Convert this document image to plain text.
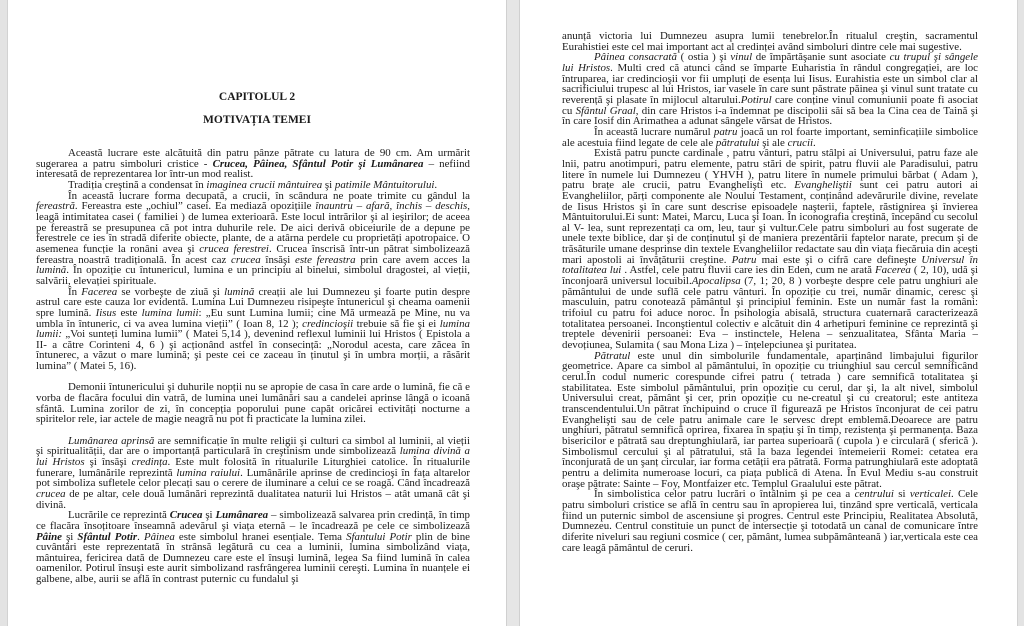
CAPITOLUL 2
MOTIVAȚIA TEMEI

Această lucrare este alcătuită din patru pânze pătrate cu latura de 90 cm. Am urmărit sugerarea a patru simboluri cristice - Crucea, Pâinea, Sfântul Potir şi Lumânarea – nefiind interesată de reprezentarea lor într-un mod realist.

Tradiția creştină a condensat în imaginea crucii mântuirea şi patimile Mântuitorului.

În această lucrare forma decupată, a crucii, în scândura ne poate trimite cu gândul la fereastră. Fereastra este „ochiul” casei. Ea mediază opozițiile înauntru – afară, închis – deschis, leagă intimitatea casei ( familiei ) de lumea exterioară. Este locul intrărilor şi al ieşirilor; de aceea pe fereastră se presupunea că pot intra duhurile rele. De aici derivă obiceiurile de a depune pe ferestrele ce ies în stradă diferite obiecte, plante, de a atârna perdele cu proprietăți apotropaice. O asemenea funcție la ronâni avea şi crucea ferestrei. Crucea înscrisă într-un pătrat simbolizează fereastra noastră tradițională. În acest caz crucea însăşi este fereastra prin care avem acces la lumină. În opoziție cu întunericul, lumina e un principiu al binelui, simbolul dragostei, al vieții, salvării, elevației spirituale.

În Facerea se vorbeşte de ziuă şi lumină creații ale lui Dumnezeu şi foarte putin despre astrul care este cauza lor evidentă. Lumina Lui Dumnezeu risipeşte întunericul şi cheama oamenii spre lumină. Iisus este lumina lumii: „Eu sunt Lumina lumii; cine Mă urmează pe Mine, nu va umbla în întuneric, ci va avea lumina vieții” ( Ioan 8, 12 ); credincioşii trebuie să fie şi ei lumina lumii: „Voi sunteți lumina lumii” ( Matei 5,14 ), devenind reflexul luminii lui Hristos ( Epistola a II- a către Corinteni 4, 6 ) şi acționând astfel în consecință: „Norodul acesta, care zăcea în întunerec, a văzut o mare lumină; şi peste cei ce zaceau în ținutul şi în umbra morții, a răsărit lumina” ( Matei 5, 16).

Demonii întunericului şi duhurile nopții nu se apropie de casa în care arde o lumină, fie că e vorba de flacăra focului din vatră, de lumina unei lumânări sau a candelei aprinse lângă o icoană sfântă. Lumina zorilor de zi, în concepția poporului pune capăt oricărei ectivități nocturne a spiritelor rele, iar actele de magie neagră nu pot fi practicate la lumina zilei.

Lumânarea aprinsă are semnificație în multe religii şi culturi ca simbol al luminii, al vieții şi spiritualității, dar are o importanță particulară în creştinism unde simbolizează lumina divină a lui Hristos şi însăşi credința. Este mult folosită în ritualurile Liturghiei catolice. În ritualurile funerare, lumânările reprezintă lumina raiului. Lumânările aprinse de credincioşi în fața altarelor pot simboliza sufletele celor plecați sau o cerere de iluminare a celui ce se roagă. Când încadrează crucea de pe altar, cele două lumânări reprezintă dualitatea naturii lui Hristos – atât umană cât şi divină.

Lucrările ce reprezintă Crucea şi Lumânarea – simbolizează salvarea prin credință, în timp ce flacăra însoțitoare înseamnă adevărul şi viața eternă – le încadrează pe cele ce simbolizează Pâine şi Sfântul Potir. Pâinea este simbolul hranei esențiale. Tema Sfantului Potir plin de bine cuvântări este reprezentată în strânsă legătură cu cea a luminii, lumina simbolizând viața, mântuirea, fericirea dată de Dumnezeu care este el însuşi lumină, legea Sa fiind lumină în calea oamenilor. Potirul însuşi este aurit simbolizand rasfrângerea luminii cereşti. Lumina în nuanțele ei galbene, albe, aurii se află în contrast puternic cu fundalul şi

anunță victoria lui Dumnezeu asupra lumii tenebrelor.În ritualul creştin, sacramentul Eurahistiei este cel mai important act al credinței având simboluri dintre cele mai sugestive.

Pâinea consacrată ( ostia ) şi vinul de împărtăşanie sunt asociate cu trupul şi sângele lui Hristos. Multi cred că atunci când se împarte Euharistia în rândul congregației, are loc întruparea, iar credincioşii vor fii umpluți de esența lui Iisus. Eurahistia este un simbol clar al sacrificiului trupesc al lui Hristos, iar vasele în care sunt păstrate păinea şi vinul sunt tratate cu reverență şi plasate în mijlocul altarului.Potirul care conține vinul comuniunii poate fi asociat cu Sfântul Graal, din care Hristos i-a îndemnat pe discipolii săi să bea la Cina cea de Taină şi în care Iosif din Arimathea a adunat sângele vărsat de Hristos.

În această lucrare numărul patru joacă un rol foarte important, seminficațiile simbolice ale acestuia fiind legate de cele ale pătratului şi ale crucii.

Există patru puncte cardinale , patru vânturi, patru stâlpi ai Universului, patru faze ale lnii, patru anotimpuri, patru elemente, patru stări de spirit, patru fluvii ale Paradisului, patru litere în numele lui Dumnezeu ( YHVH ), patru litere în numele primului bărbat ( Adam ), patru brațe ale crucii, patru Evanghelişti etc. Evangheliştii sunt cei patru autori ai Evangheliilor, părți componente ale Noului Testament, conținând adevărurile divine, revelate de Iisus Hristos şi în care sunt descrise episoadele naşterii, faptele, răstignirea şi învierea Mântuitorului.Ei sunt: Matei, Marcu, Luca şi Ioan. În iconografia creştină, începând cu secolul al V- lea, sunt reprezentați ca om, leu, taur şi vultur.Cele patru simboluri au fost sugerate de unele texte biblice, dar şi de conținutul şi de maniera prezentării faptelor narate, precum şi de trăsăturile umane desprinse din textele Evangheliilor redactate sau din viața fiecăruia din aceşti mari apostoli ai învățăturii creştine. Patru mai este şi o cifră care defineşte Universul în totalitatea lui . Astfel, cele patru fluvii care ies din Eden, cum ne arată Facerea ( 2, 10), udă şi înconjoară universul locuibil.Apocalipsa (7, 1; 20, 8 ) vorbeşte despre cele patru unghiuri ale pământului de unde suflă cele patru vânturi. În opoziție cu trei, număr dinamic, ceresc şi masculuin, patru conotează pământul şi principiul feminin. Este un număr fast la români: trifoiul cu patru foi aduce noroc. În psihologia abisală, structura cuaternară caracterizează totalitatea persoanei. Inconştientul colectiv e alcătuit din 4 arhetipuri feminine ce reprezintă şi treptele devenirii persoanei: Eva – instinctele, Helena – senzualitatea, Sfânta Maria – devoțiunea, Sulamita ( sau Mona Liza ) – înțelepciunea şi puritatea.

Pătratul este unul din simbolurile fundamentale, aparținând limbajului figurilor geometrice. Apare ca simbol al pământului, în opoziție cu triunghiul sau cercul semnificând cerul.În codul numeric corespunde cifrei patru ( tetrada ) care semnifică totalitatea şi stabilitatea. Este simbolul pământului, prin opoziție cu cerul, dar şi, la alt nivel, simbolul Universului creat, pământ şi cer, prin opoziție cu ne-creatul şi cu creatorul; este antiteza transcendentului.Un pătrat închipuind o cruce îl figurează pe Hristos înconjurat de cei patru Evanghelişti sau de cele patru animale care le servesc drept emblemă.Deoarece are patru unghiuri, pătratul semnifică oprirea, fixarea în spațiu şi în timp, rezistența şi permanența. Baza bisericilor e pătrată sau dreptunghiulară, iar partea superioară ( cupola ) e circulară ( sferică ). Simbolismul cercului şi al pătratului, stă la baza legendei întemeierii Romei: cetatea era înconjurată de un şanț circular, iar forma cetății era pătrată. Forma patrunghiulară este adoptată pentru a delimita numeroase locuri, ca piața publică di Atena. În Evul Mediu s-au construit oraşe pătrate: Sainte – Foy, Montfaizer etc. Templul Graalului este pătrat.

În simbolistica celor patru lucrări o întâlnim şi pe cea a centrului si verticalei. Cele patru simboluri cristice se află în centru sau în apropierea lui, tinzând spre verticală, verticala fiind un puternic simbol de ascensiune şi progres. Centrul este Principiu, Realitatea Absolută, Dumnezeu. Centrul constituie un punct de intersecție şi totodată un canal de comunicare între diferite niveluri sau regiuni cosmice ( cer, pământ, lumea subpământeană ) iar,verticala este cea care leagă pământul de ceruri.
